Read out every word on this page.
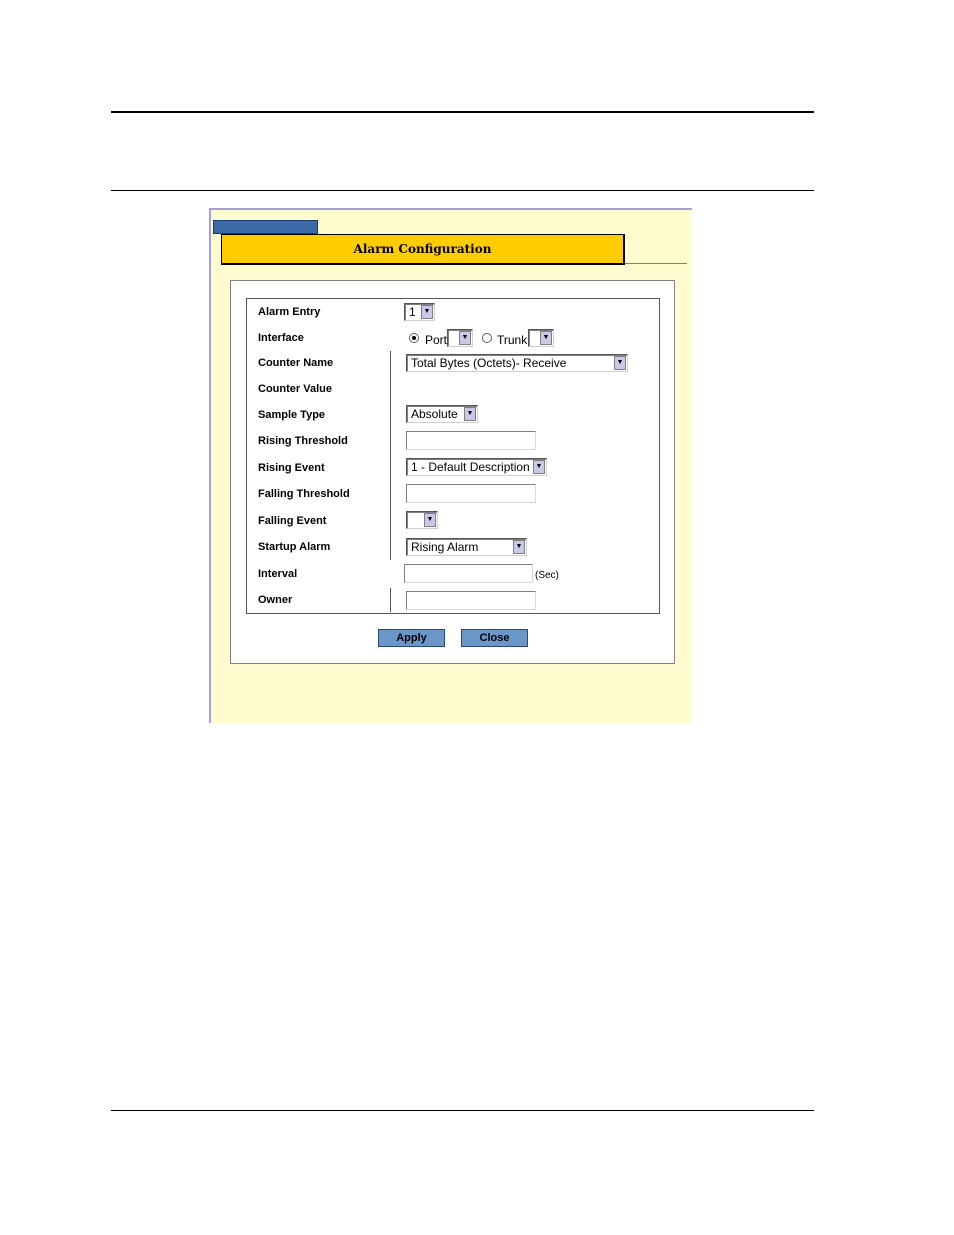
Alarm Configuration
Alarm Entry	1	▼
Interface	Port	▼ Trunk	▼
Counter Name	Total Bytes (Octets)- Receive	▼
Counter Value
Sample Type	Absolute	▼
Rising Threshold
Rising Event	1 - Default Description ▼
Falling Threshold
Falling Event	▼
Startup Alarm	Rising Alarm	▼
Interval	(Sec)
Owner
Apply	Close
